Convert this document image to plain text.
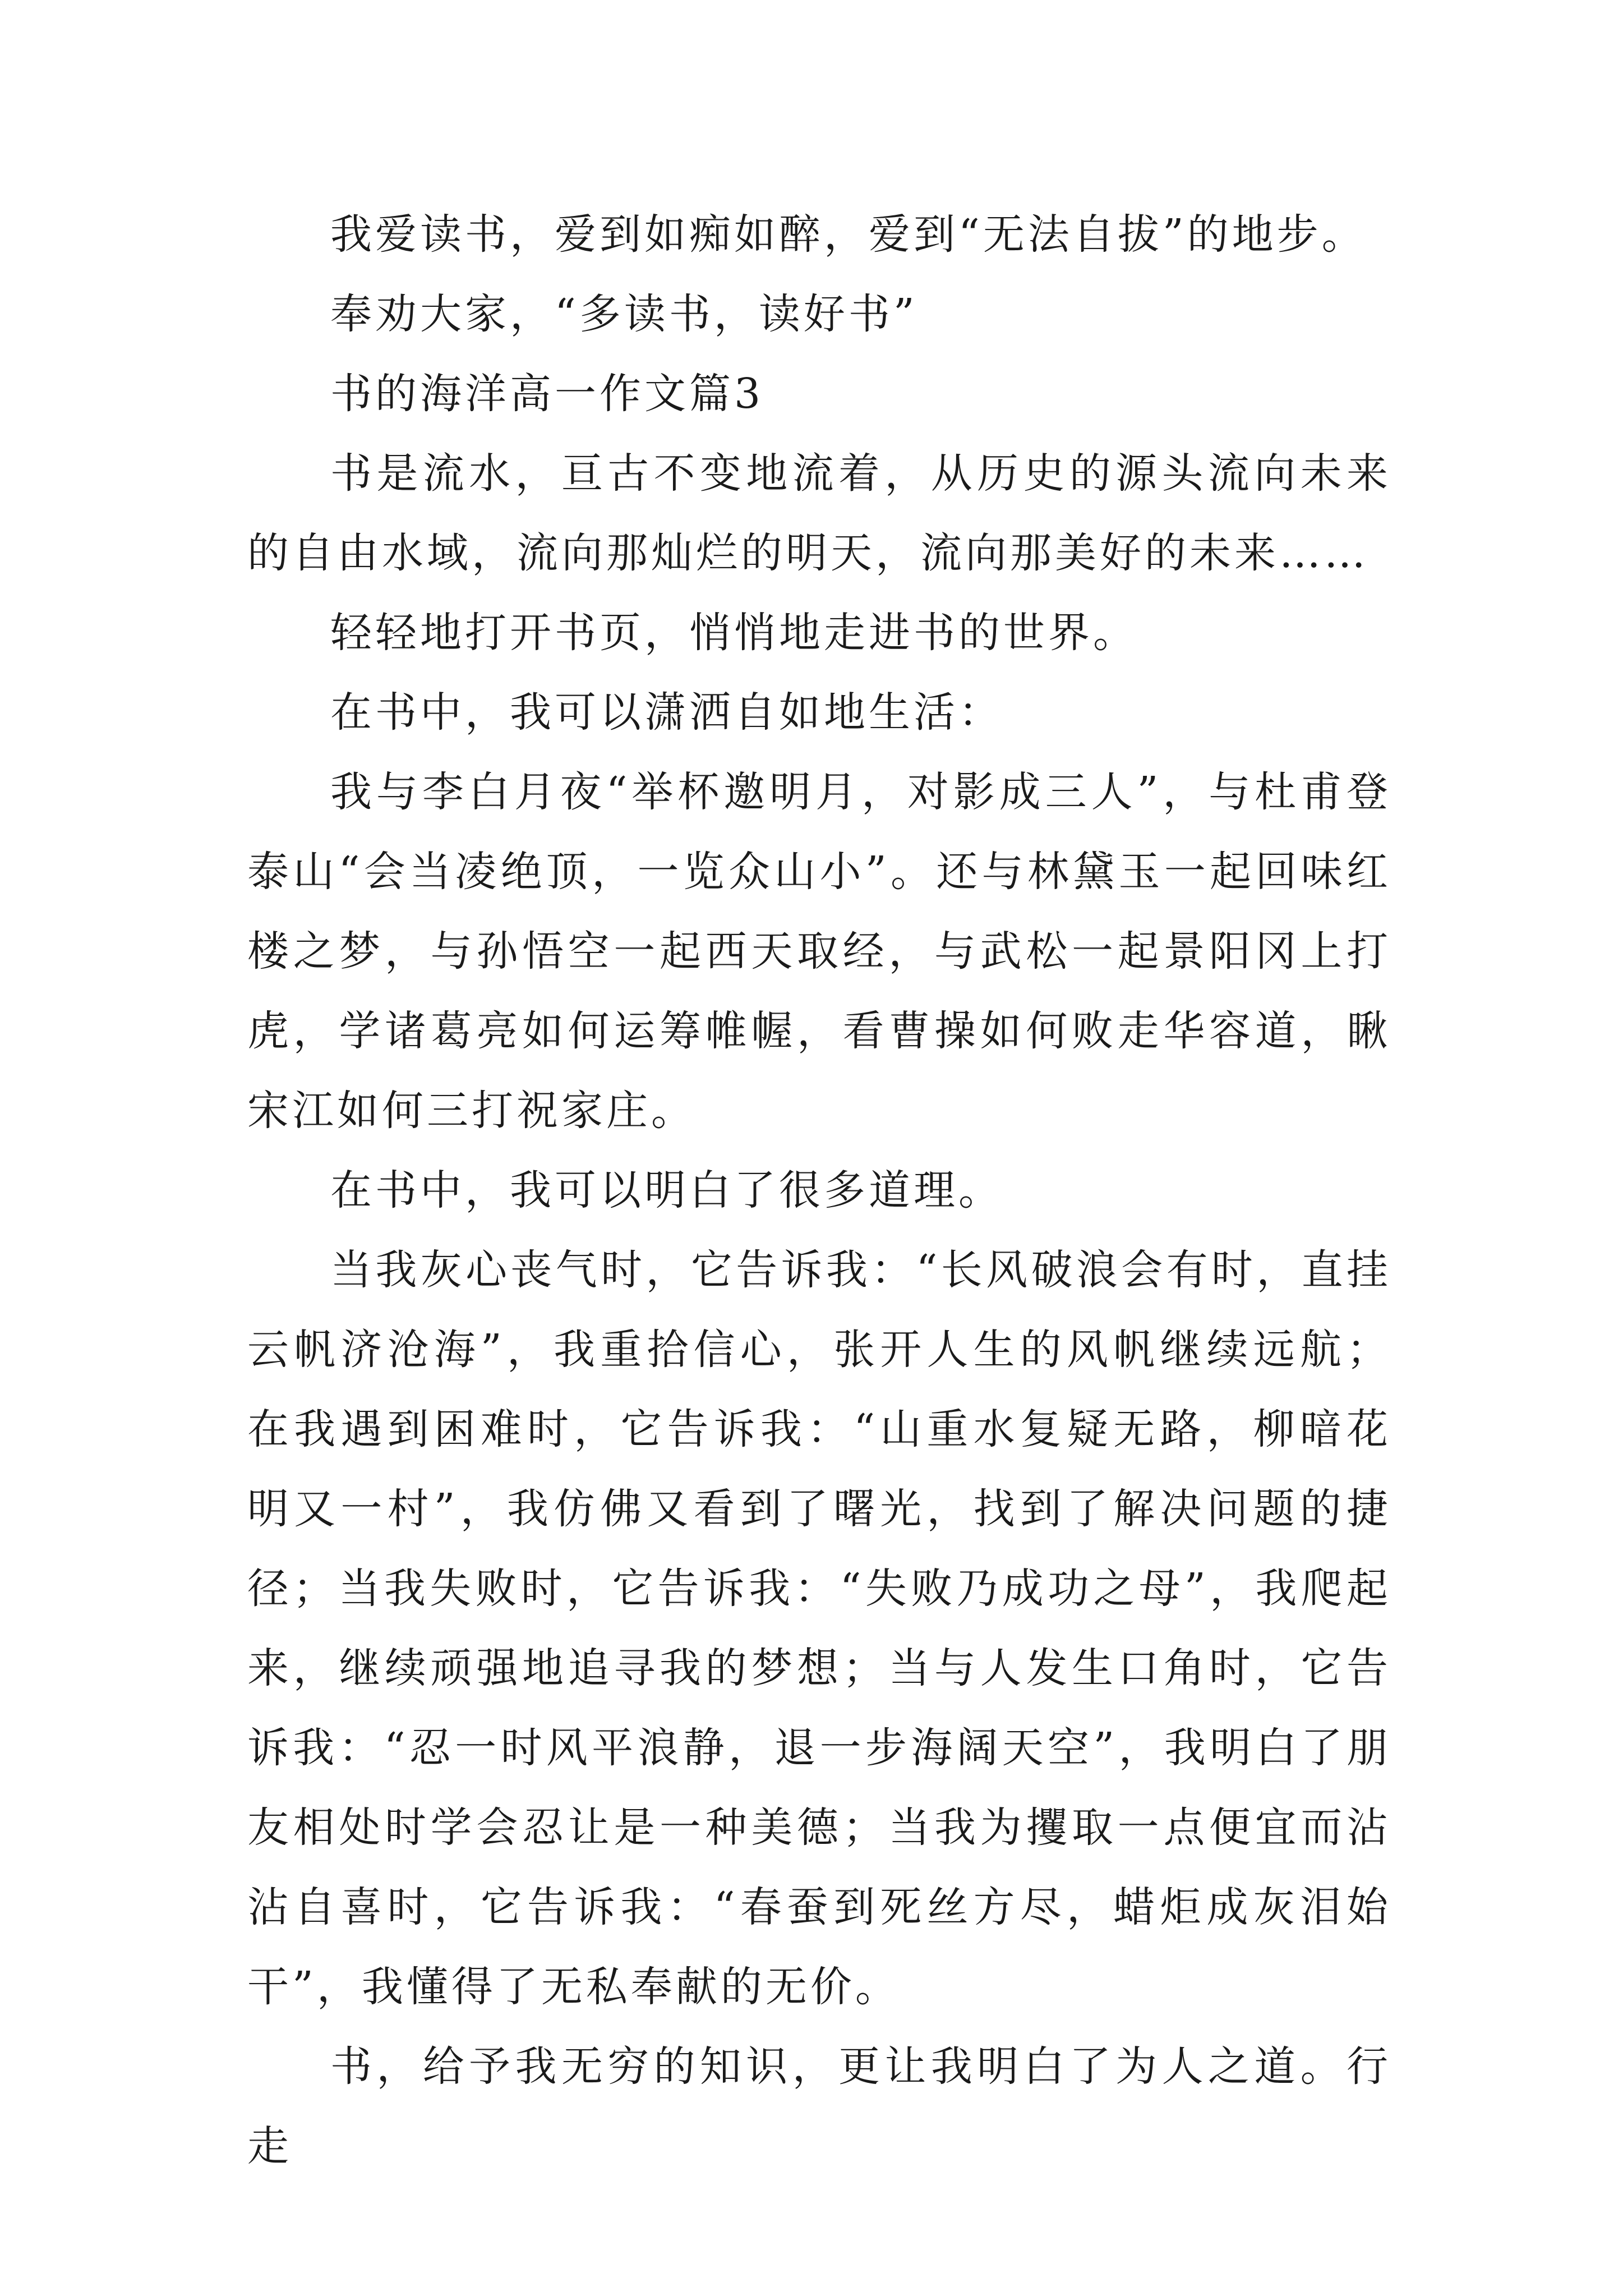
我爱读书，爱到如痴如醉，爱到“无法自拔”的地步。

奉劝大家，“多读书，读好书”

书的海洋高一作文篇3

书是流水，亘古不变地流着，从历史的源头流向未来的自由水域，流向那灿烂的明天，流向那美好的未来……

轻轻地打开书页，悄悄地走进书的世界。

在书中，我可以潇洒自如地生活：

我与李白月夜“举杯邀明月，对影成三人”，与杜甫登泰山“会当凌绝顶，一览众山小”。还与林黛玉一起回味红楼之梦，与孙悟空一起西天取经，与武松一起景阳冈上打虎，学诸葛亮如何运筹帷幄，看曹操如何败走华容道，瞅宋江如何三打祝家庄。

在书中，我可以明白了很多道理。

当我灰心丧气时，它告诉我：“长风破浪会有时，直挂云帆济沧海”，我重拾信心，张开人生的风帆继续远航；在我遇到困难时，它告诉我：“山重水复疑无路，柳暗花明又一村”，我仿佛又看到了曙光，找到了解决问题的捷径；当我失败时，它告诉我：“失败乃成功之母”，我爬起来，继续顽强地追寻我的梦想；当与人发生口角时，它告诉我：“忍一时风平浪静，退一步海阔天空”，我明白了朋友相处时学会忍让是一种美德；当我为攫取一点便宜而沾沾自喜时，它告诉我：“春蚕到死丝方尽，蜡炬成灰泪始干”，我懂得了无私奉献的无价。

书，给予我无穷的知识，更让我明白了为人之道。行走
